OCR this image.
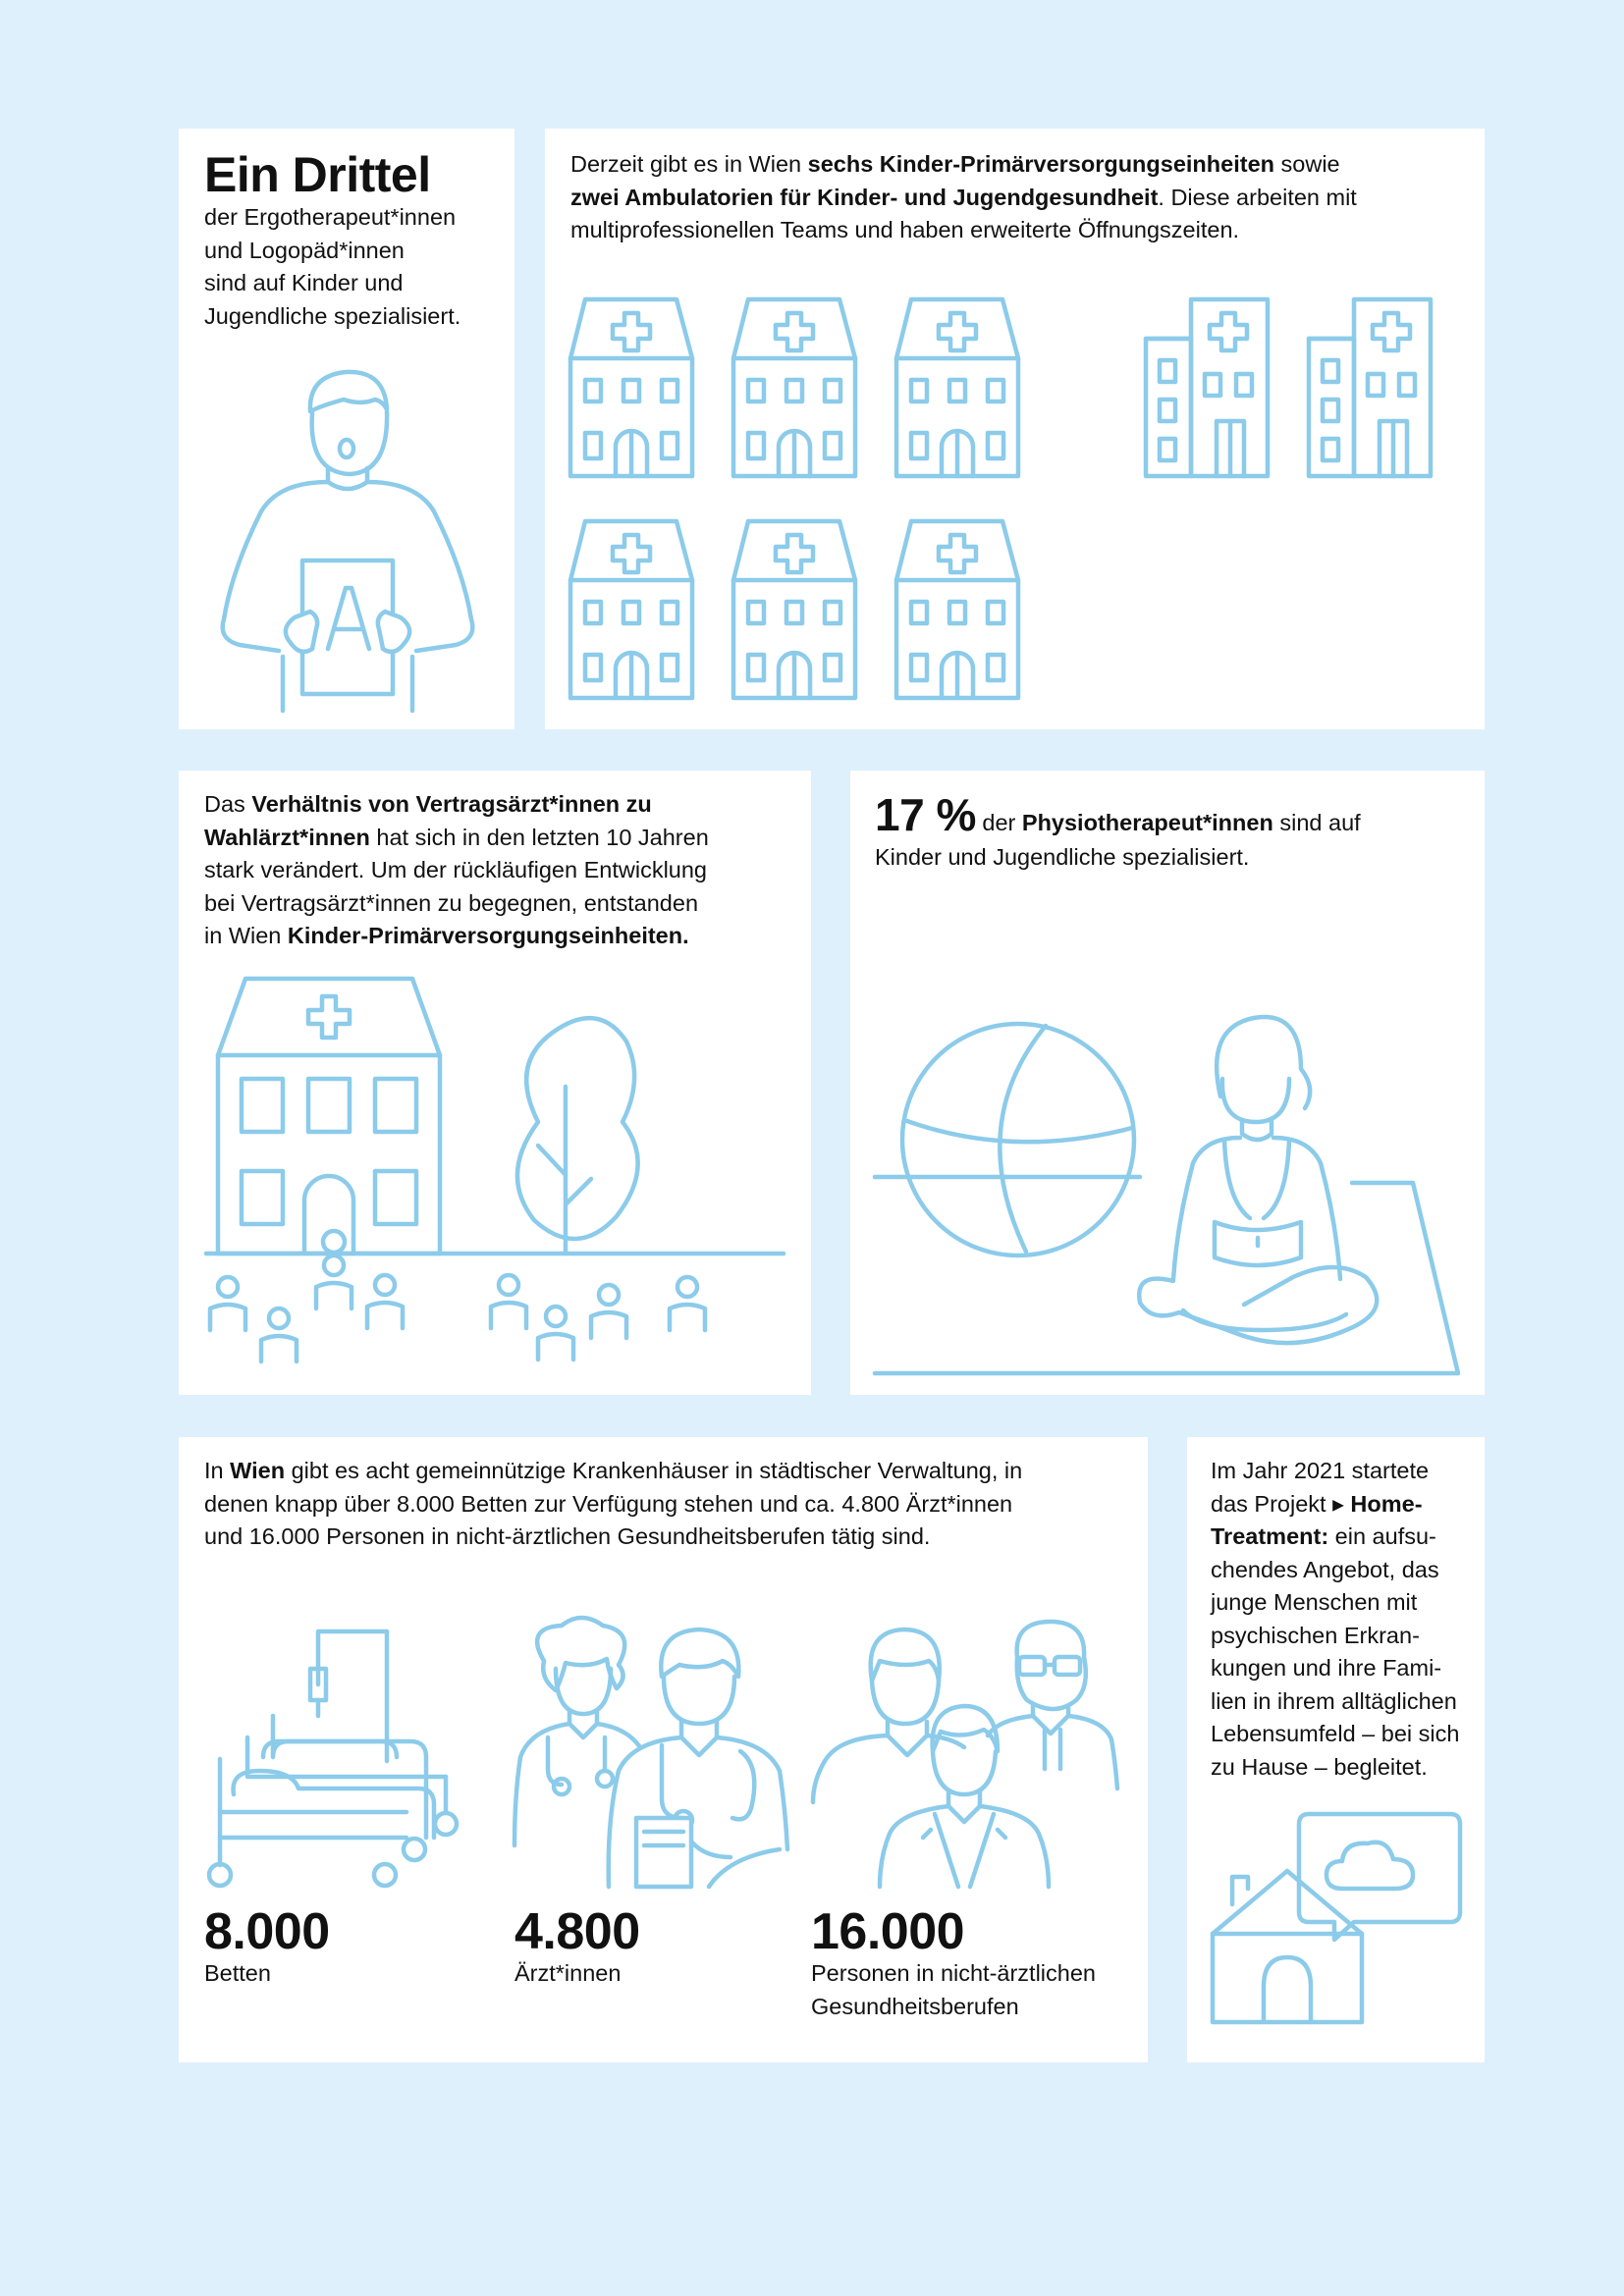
Ein Drittel
der Ergotherapeut*innen
und Logopäd*innen
sind auf Kinder und
Jugendliche spezialisiert.
Derzeit gibt es in Wien sechs Kinder-Primärversorgungseinheiten sowie
zwei Ambulatorien für Kinder- und Jugendgesundheit. Diese arbeiten mit
multiprofessionellen Teams und haben erweiterte Öffnungszeiten.
Das Verhältnis von Vertragsärzt*innen zu
Wahlärzt*innen hat sich in den letzten 10 Jahren
stark verändert. Um der rückläufigen Entwicklung
bei Vertragsärzt*innen zu begegnen, entstanden
in Wien Kinder-Primärversorgungseinheiten.
17 % der Physiotherapeut*innen sind auf
Kinder und Jugendliche spezialisiert.
In Wien gibt es acht gemeinnützige Krankenhäuser in städtischer Verwaltung, in
denen knapp über 8.000 Betten zur Verfügung stehen und ca. 4.800 Ärzt*innen
und 16.000 Personen in nicht-ärztlichen Gesundheitsberufen tätig sind.
8.000
Betten
4.800
Ärzt*innen
16.000
Personen in nicht-ärztlichen
Gesundheitsberufen
Im Jahr 2021 startete
das Projekt ▸ Home-
Treatment: ein aufsu-
chendes Angebot, das
junge Menschen mit
psychischen Erkran-
kungen und ihre Fami-
lien in ihrem alltäglichen
Lebensumfeld – bei sich
zu Hause – begleitet.
